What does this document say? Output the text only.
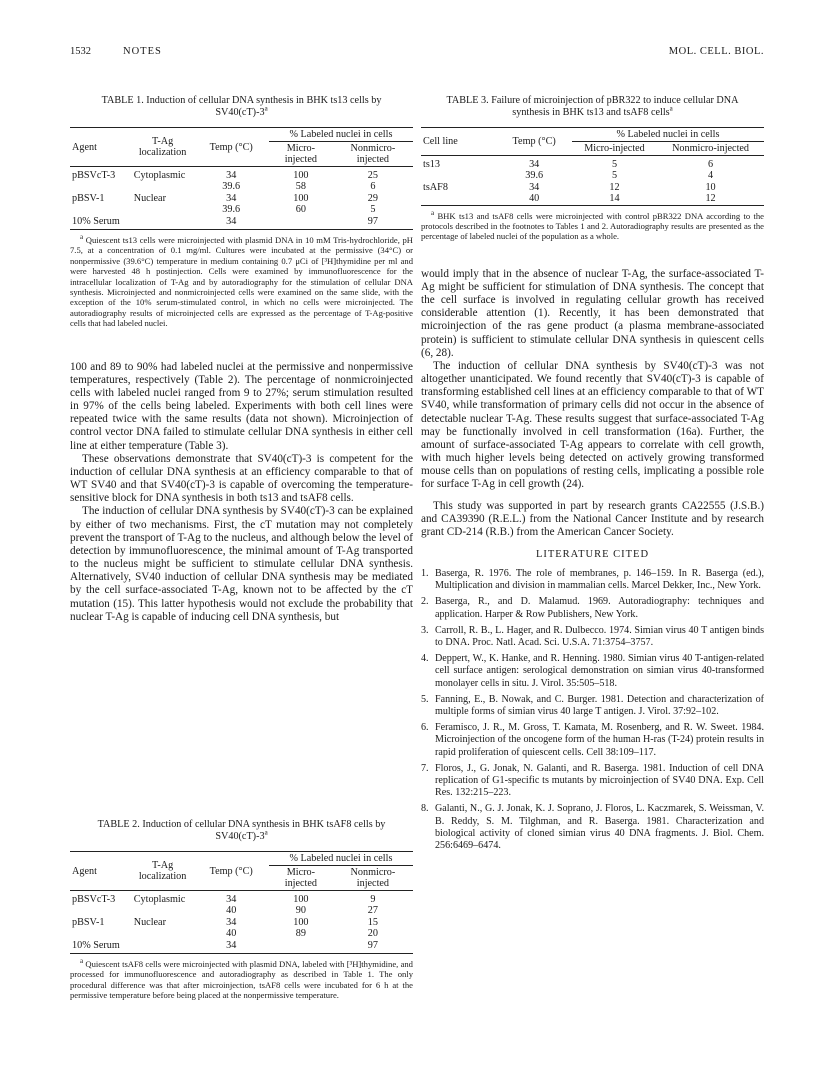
1532	NOTES	MOL. CELL. BIOL.
TABLE 1. Induction of cellular DNA synthesis in BHK ts13 cells by SV40(cT)-3$^a$
Agent	T-Ag localization	Temp (°C)	% Labeled nuclei in cells	
			Micro-injected	Nonmicro-injected
pBSVcT-3	Cytoplasmic	34	100	25
		39.6	58	6
pBSV-1	Nuclear	34	100	29
		39.6	60	5
10% Serum		34		97
$^a$ Quiescent ts13 cells were microinjected with plasmid DNA in 10 mM Tris-hydrochloride, pH 7.5, at a concentration of 0.1 mg/ml. Cultures were incubated at the permissive (34°C) or nonpermissive (39.6°C) temperature in medium containing 0.7 μCi of [³H]thymidine per ml and were harvested 48 h postinjection. Cells were examined by immunofluorescence for the intracellular localization of T-Ag and by autoradiography for the stimulation of cellular DNA synthesis. Microinjected and nonmicroinjected cells were examined on the same slide, with the exception of the 10% serum-stimulated control, in which no cells were microinjected. The autoradiography results of microinjected cells are expressed as the percentage of T-Ag-positive cells that had labeled nuclei.

100 and 89 to 90% had labeled nuclei at the permissive and nonpermissive temperatures, respectively (Table 2). The percentage of nonmicroinjected cells with labeled nuclei ranged from 9 to 27%; serum stimulation resulted in 97% of the cells being labeled. Experiments with both cell lines were repeated twice with the same results (data not shown). Microinjection of control vector DNA failed to stimulate cellular DNA synthesis in either cell line at either temperature (Table 3).

These observations demonstrate that SV40(cT)-3 is competent for the induction of cellular DNA synthesis at an efficiency comparable to that of WT SV40 and that SV40(cT)-3 is capable of overcoming the temperature-sensitive block for DNA synthesis in both ts13 and tsAF8 cells.

The induction of cellular DNA synthesis by SV40(cT)-3 can be explained by either of two mechanisms. First, the cT mutation may not completely prevent the transport of T-Ag to the nucleus, and although below the level of detection by immunofluorescence, the minimal amount of T-Ag transported to the nucleus might be sufficient to stimulate cellular DNA synthesis. Alternatively, SV40 induction of cellular DNA synthesis may be mediated by the cell surface-associated T-Ag, known not to be affected by the cT mutation (15). This latter hypothesis would not exclude the probability that nuclear T-Ag is capable of inducing cell DNA synthesis, but

TABLE 2. Induction of cellular DNA synthesis in BHK tsAF8 cells by SV40(cT)-3$^a$
Agent	T-Ag localization	Temp (°C)	% Labeled nuclei in cells	
			Micro-injected	Nonmicro-injected
pBSVcT-3	Cytoplasmic	34	100	9
		40	90	27
pBSV-1	Nuclear	34	100	15
		40	89	20
10% Serum		34		97
$^a$ Quiescent tsAF8 cells were microinjected with plasmid DNA, labeled with [³H]thymidine, and processed for immunofluorescence and autoradiography as described in Table 1. The only procedural difference was that after microinjection, tsAF8 cells were incubated for 6 h at the permissive temperature before being placed at the nonpermissive temperature.
TABLE 3. Failure of microinjection of pBR322 to induce cellular DNA synthesis in BHK ts13 and tsAF8 cells$^a$
Cell line	Temp (°C)	% Labeled nuclei in cells	
		Micro-injected	Nonmicro-injected
ts13	34	5	6
	39.6	5	4
tsAF8	34	12	10
	40	14	12
$^a$ BHK ts13 and tsAF8 cells were microinjected with control pBR322 DNA according to the protocols described in the footnotes to Tables 1 and 2. Autoradiography results are presented as the percentage of labeled nuclei of the population as a whole.

would imply that in the absence of nuclear T-Ag, the surface-associated T-Ag might be sufficient for stimulation of DNA synthesis. The concept that the cell surface is involved in regulating cellular growth has received considerable attention (1). Recently, it has been demonstrated that microinjection of the ras gene product (a plasma membrane-associated protein) is sufficient to stimulate cellular DNA synthesis in quiescent cells (6, 28).

The induction of cellular DNA synthesis by SV40(cT)-3 was not altogether unanticipated. We found recently that SV40(cT)-3 is capable of transforming established cell lines at an efficiency comparable to that of WT SV40, while transformation of primary cells did not occur in the absence of detectable nuclear T-Ag. These results suggest that surface-associated T-Ag may be functionally involved in cell transformation (16a). Further, the amount of surface-associated T-Ag appears to correlate with cell growth, with much higher levels being detected on actively growing transformed mouse cells than on populations of resting cells, implicating a possible role for surface T-Ag in cell growth (24).

This study was supported in part by research grants CA22555 (J.S.B.) and CA39390 (R.E.L.) from the National Cancer Institute and by research grant CD-214 (R.B.) from the American Cancer Society.

LITERATURE CITED
1. Baserga, R. 1976. The role of membranes, p. 146–159. In R. Baserga (ed.), Multiplication and division in mammalian cells. Marcel Dekker, Inc., New York.
2. Baserga, R., and D. Malamud. 1969. Autoradiography: techniques and application. Harper & Row Publishers, New York.
3. Carroll, R. B., L. Hager, and R. Dulbecco. 1974. Simian virus 40 T antigen binds to DNA. Proc. Natl. Acad. Sci. U.S.A. 71:3754–3757.
4. Deppert, W., K. Hanke, and R. Henning. 1980. Simian virus 40 T-antigen-related cell surface antigen: serological demonstration on simian virus 40-transformed monolayer cells in situ. J. Virol. 35:505–518.
5. Fanning, E., B. Nowak, and C. Burger. 1981. Detection and characterization of multiple forms of simian virus 40 large T antigen. J. Virol. 37:92–102.
6. Feramisco, J. R., M. Gross, T. Kamata, M. Rosenberg, and R. W. Sweet. 1984. Microinjection of the oncogene form of the human H-ras (T-24) protein results in rapid proliferation of quiescent cells. Cell 38:109–117.
7. Floros, J., G. Jonak, N. Galanti, and R. Baserga. 1981. Induction of cell DNA replication of G1-specific ts mutants by microinjection of SV40 DNA. Exp. Cell Res. 132:215–223.
8. Galanti, N., G. J. Jonak, K. J. Soprano, J. Floros, L. Kaczmarek, S. Weissman, V. B. Reddy, S. M. Tilghman, and R. Baserga. 1981. Characterization and biological activity of cloned simian virus 40 DNA fragments. J. Biol. Chem. 256:6469–6474.
